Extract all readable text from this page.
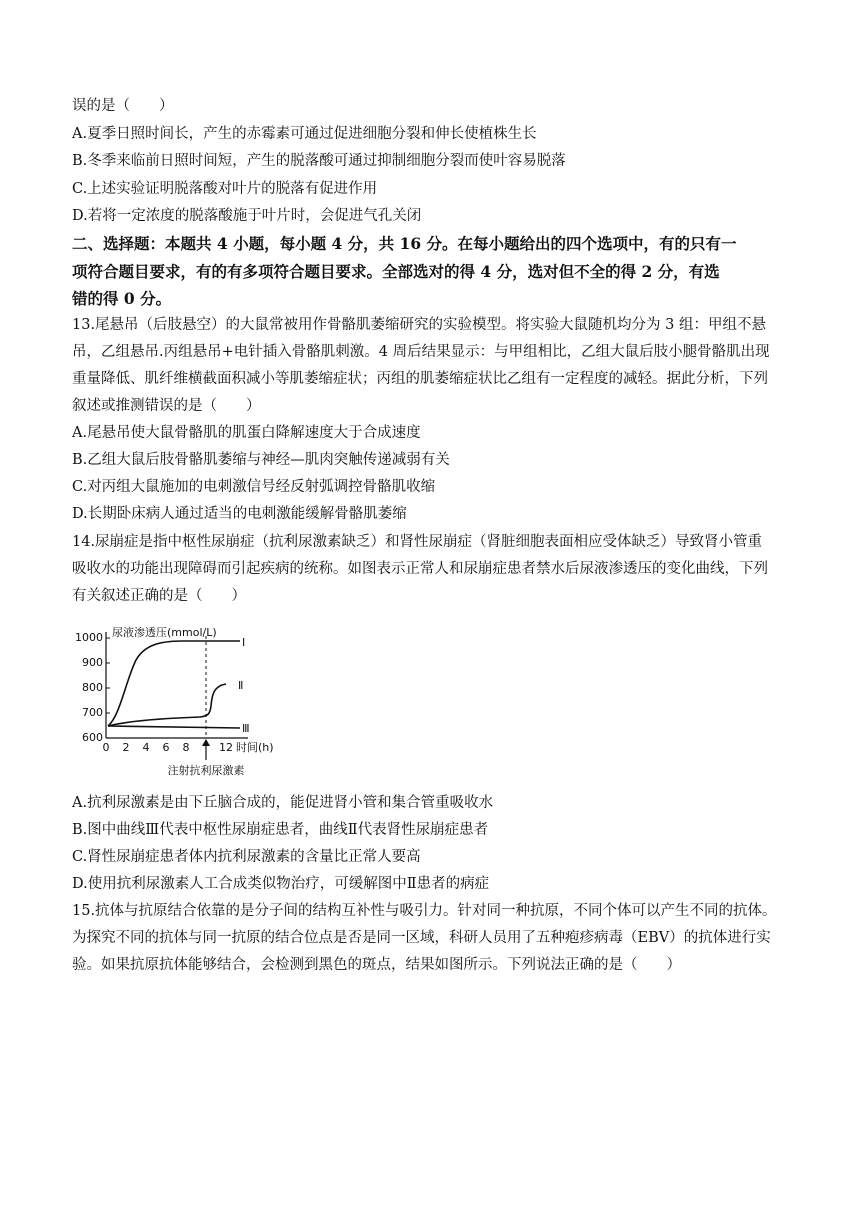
误的是（　　）
A.夏季日照时间长，产生的赤霉素可通过促进细胞分裂和伸长使植株生长
B.冬季来临前日照时间短，产生的脱落酸可通过抑制细胞分裂而使叶容易脱落
C.上述实验证明脱落酸对叶片的脱落有促进作用
D.若将一定浓度的脱落酸施于叶片时，会促进气孔关闭
二、选择题：本题共 4 小题，每小题 4 分，共 16 分。在每小题给出的四个选项中，有的只有一
项符合题目要求，有的有多项符合题目要求。全部选对的得 4 分，选对但不全的得 2 分，有选
错的得 0 分。
13.尾悬吊（后肢悬空）的大鼠常被用作骨骼肌萎缩研究的实验模型。将实验大鼠随机均分为 3 组：甲组不悬
吊，乙组悬吊.丙组悬吊+电针插入骨骼肌刺激。4 周后结果显示：与甲组相比，乙组大鼠后肢小腿骨骼肌出现
重量降低、肌纤维横截面积减小等肌萎缩症状；丙组的肌萎缩症状比乙组有一定程度的减轻。据此分析，下列
叙述或推测错误的是（　　）
A.尾悬吊使大鼠骨骼肌的肌蛋白降解速度大于合成速度
B.乙组大鼠后肢骨骼肌萎缩与神经—肌肉突触传递减弱有关
C.对丙组大鼠施加的电刺激信号经反射弧调控骨骼肌收缩
D.长期卧床病人通过适当的电刺激能缓解骨骼肌萎缩
14.尿崩症是指中枢性尿崩症（抗利尿激素缺乏）和肾性尿崩症（肾脏细胞表面相应受体缺乏）导致肾小管重
吸收水的功能出现障碍而引起疾病的统称。如图表示正常人和尿崩症患者禁水后尿液渗透压的变化曲线，下列
有关叙述正确的是（　　）
1000
900
800
700
600
尿液渗透压(mmol/L)
0 2 4 6 8	12 时间(h)
Ⅰ
Ⅱ
Ⅲ
注射抗利尿激素
A.抗利尿激素是由下丘脑合成的，能促进肾小管和集合管重吸收水
B.图中曲线Ⅲ代表中枢性尿崩症患者，曲线Ⅱ代表肾性尿崩症患者
C.肾性尿崩症患者体内抗利尿激素的含量比正常人要高
D.使用抗利尿激素人工合成类似物治疗，可缓解图中Ⅱ患者的病症
15.抗体与抗原结合依靠的是分子间的结构互补性与吸引力。针对同一种抗原，不同个体可以产生不同的抗体。
为探究不同的抗体与同一抗原的结合位点是否是同一区域，科研人员用了五种疱疹病毒（EBV）的抗体进行实
验。如果抗原抗体能够结合，会检测到黑色的斑点，结果如图所示。下列说法正确的是（　　）
